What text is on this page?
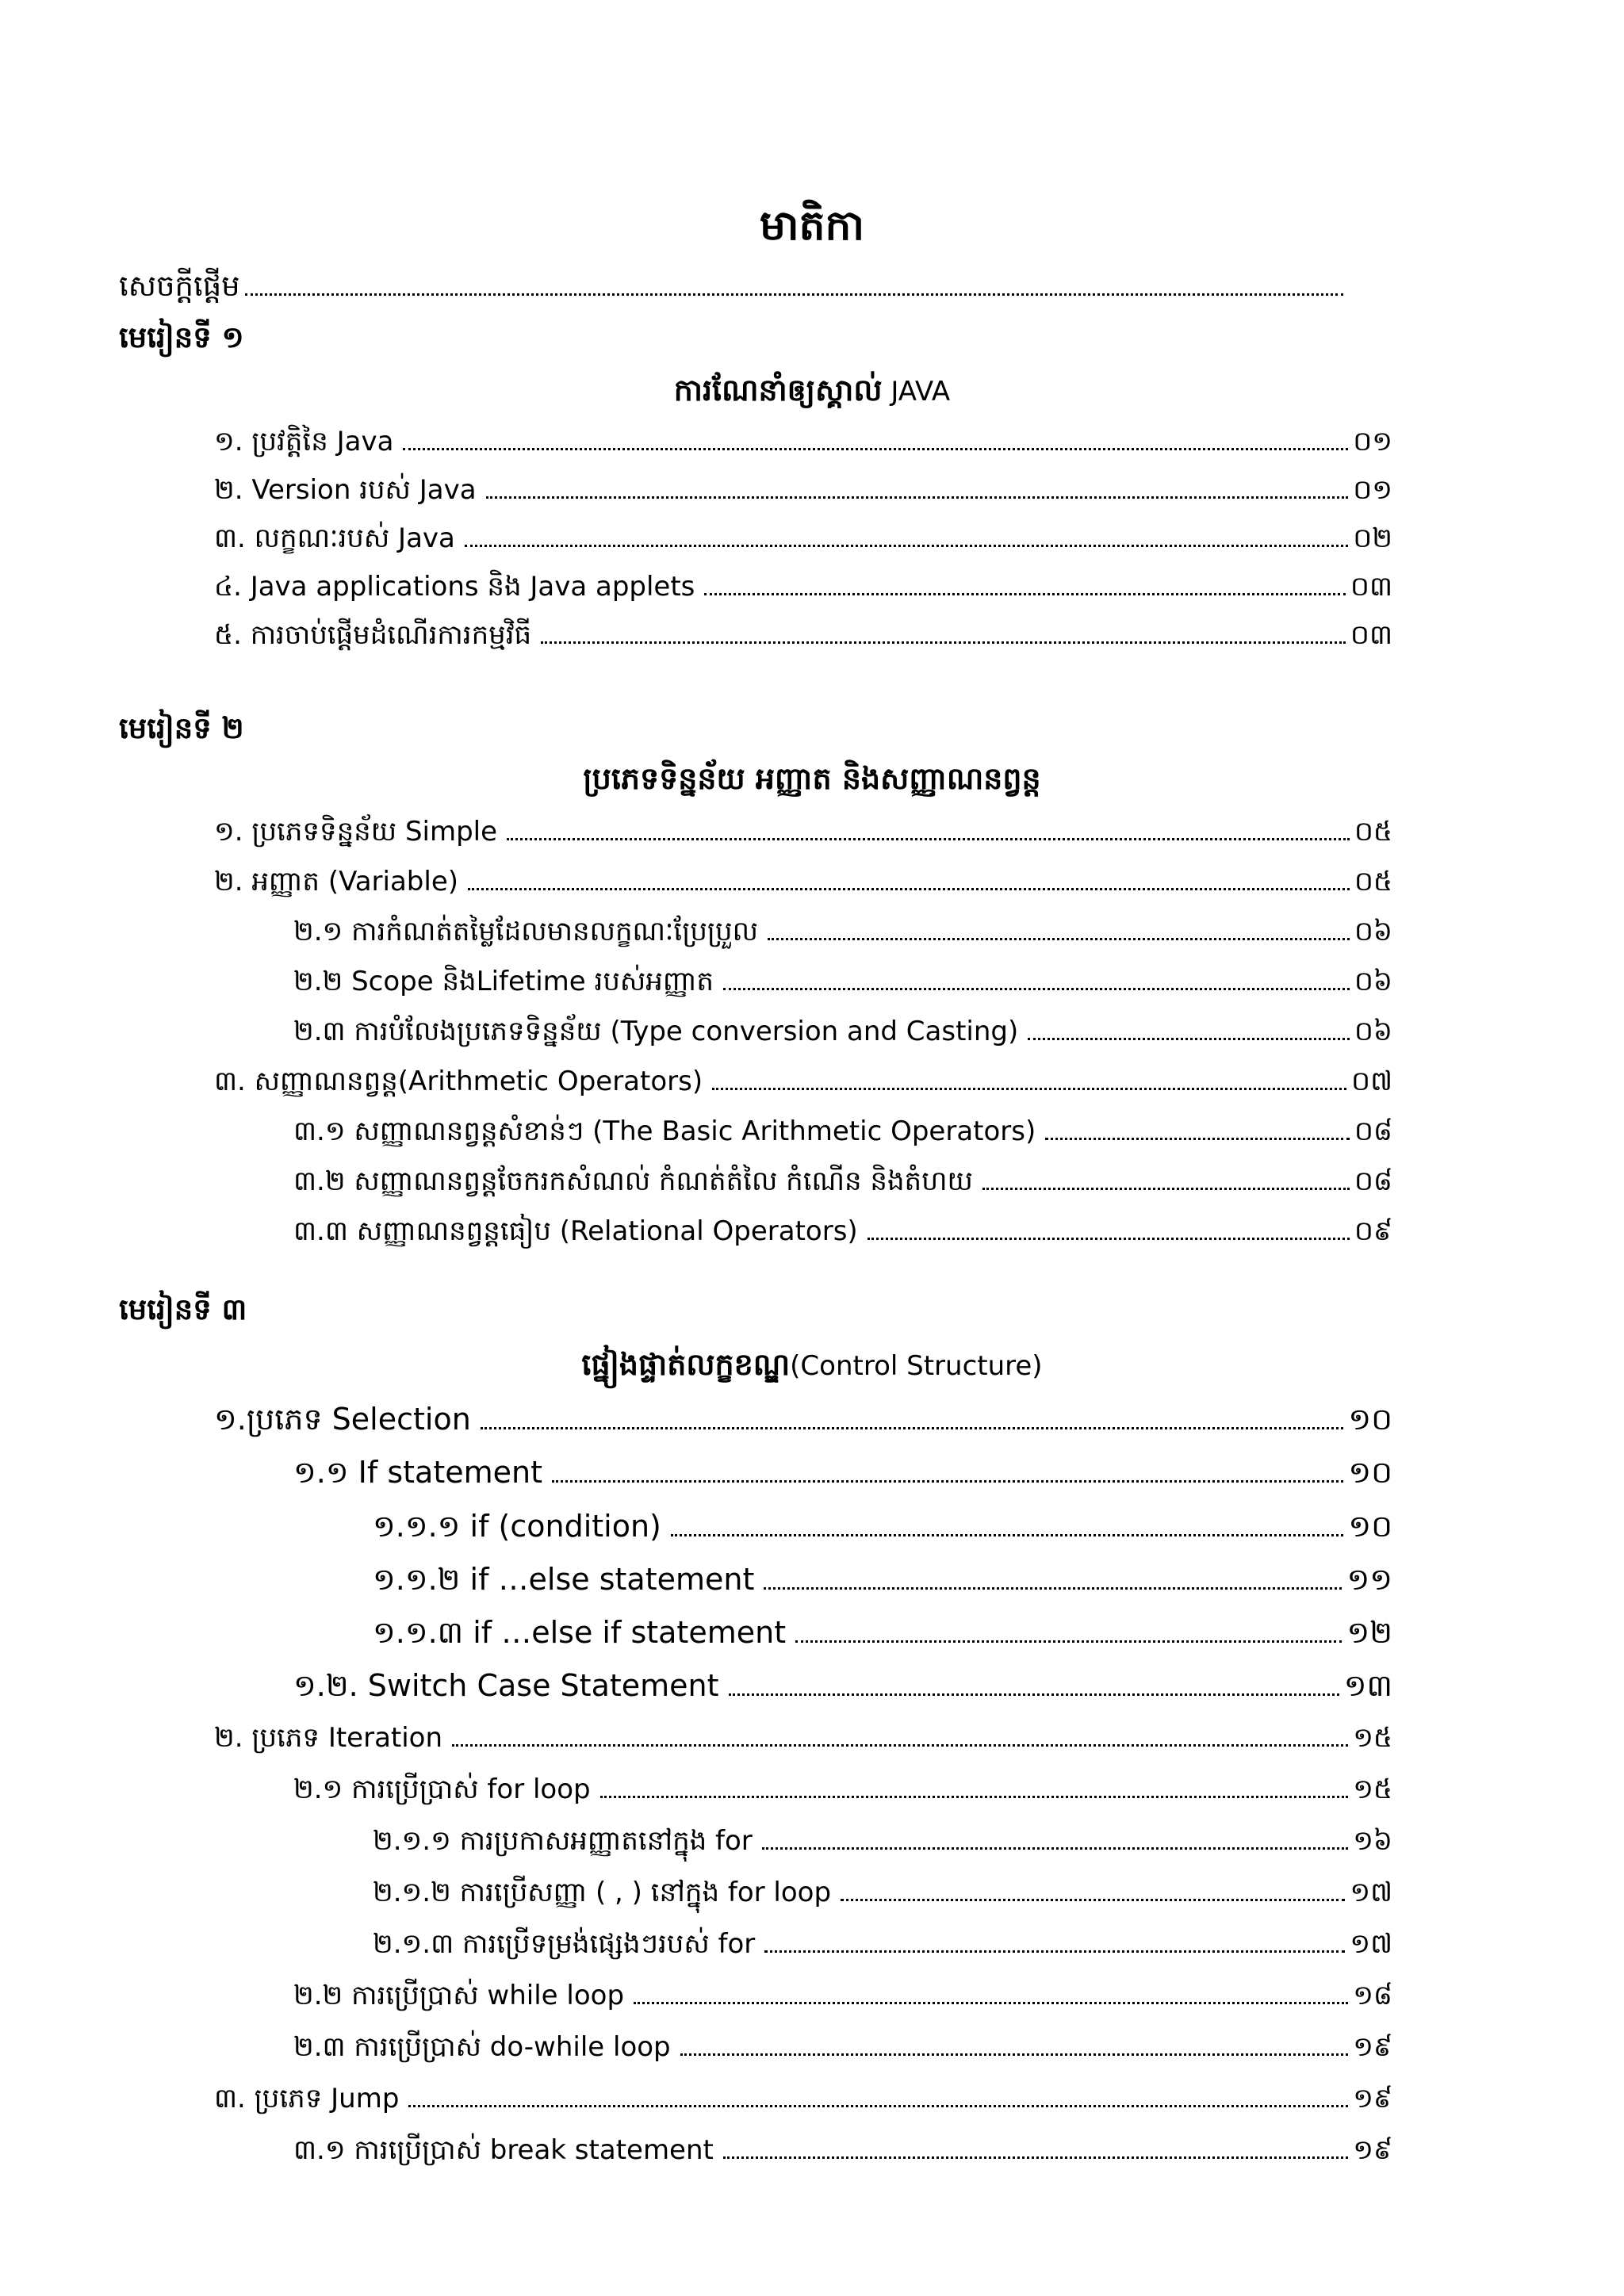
មាតិកា
សេចក្ដីផ្ដើម
មេរៀនទី ១
ការណែនាំឲ្យស្គាល់ JAVA
១. ប្រវត្តិនៃ Java	០១
២. Version របស់ Java	០១
៣. លក្ខណៈរបស់ Java	០២
៤. Java applications និង Java applets	០៣
៥. ការចាប់ផ្ដើមដំណើរការកម្មវិធី	០៣
មេរៀនទី ២
ប្រភេទទិន្នន័យ អញ្ញាត និងសញ្ញាណនព្វន្ត
១. ប្រភេទទិន្នន័យ Simple	០៥
២. អញ្ញាត (Variable)	០៥
២.១ ការកំណត់តម្លៃដែលមានលក្ខណៈប្រែប្រួល	០៦
២.២ Scope និងLifetime របស់អញ្ញាត	០៦
២.៣ ការបំលែងប្រភេទទិន្នន័យ (Type conversion and Casting)	០៦
៣. សញ្ញាណនព្វន្ត(Arithmetic Operators)	០៧
៣.១ សញ្ញាណនព្វន្តសំខាន់ៗ (The Basic Arithmetic Operators)	០៨
៣.២ សញ្ញាណនព្វន្តចែករកសំណល់ កំណត់តំលៃ កំណើន និងតំហយ	០៨
៣.៣ សញ្ញាណនព្វន្តធៀប (Relational Operators)	០៩
មេរៀនទី ៣
ផ្នៀងផ្ទាត់លក្ខខណ្ឌ(Control Structure)
១.ប្រភេទ Selection	១០
១.១ If statement	១០
១.១.១ if (condition)	១០
១.១.២ if …else statement	១១
១.១.៣ if …else if statement	១២
១.២. Switch Case Statement	១៣
២. ប្រភេទ Iteration	១៥
២.១ ការប្រើប្រាស់ for loop	១៥
២.១.១ ការប្រកាសអញ្ញាតនៅក្នុង for	១៦
២.១.២ ការប្រើសញ្ញា ( , ) នៅក្នុង for loop	១៧
២.១.៣ ការប្រើទម្រង់ផ្សេងៗរបស់ for	១៧
២.២ ការប្រើប្រាស់ while loop	១៨
២.៣ ការប្រើប្រាស់ do-while loop	១៩
៣. ប្រភេទ Jump	១៩
៣.១ ការប្រើប្រាស់ break statement	១៩
